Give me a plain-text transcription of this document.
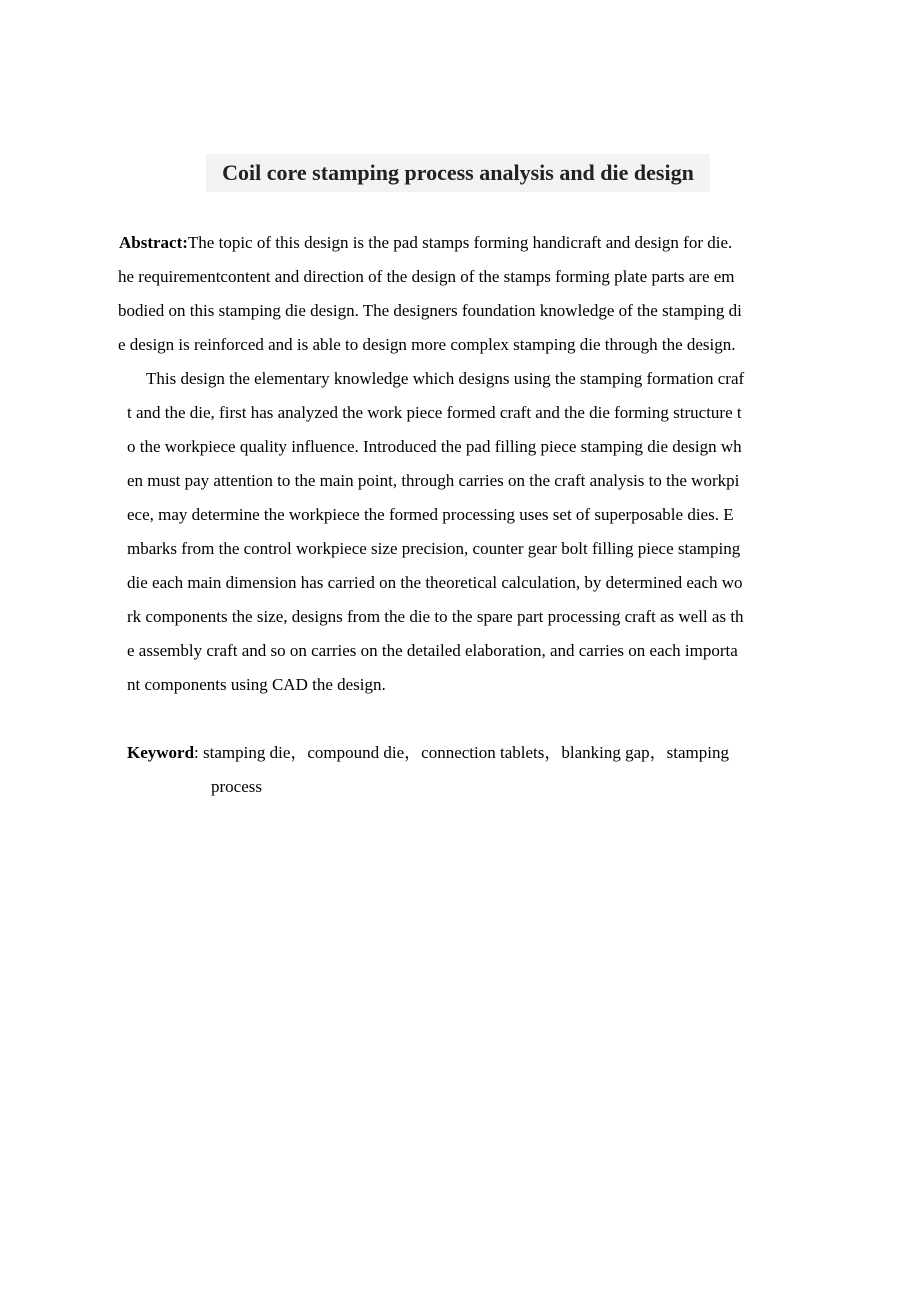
Coil core stamping process analysis and die design
Abstract:The topic of this design is the pad stamps forming handicraft and design for die.
he requirementcontent and direction of the design of the stamps forming plate parts are em
bodied on this stamping die design. The designers foundation knowledge of the stamping di
e design is reinforced and is able to design more complex stamping die through the design.
This design the elementary knowledge which designs using the stamping formation craf
t and the die, first has analyzed the work piece formed craft and the die forming structure t
o the workpiece quality influence. Introduced the pad filling piece stamping die design wh
en must pay attention to the main point, through carries on the craft analysis to the workpi
ece, may determine the workpiece the formed processing uses set of superposable dies. E
mbarks from the control workpiece size precision, counter gear bolt filling piece stamping
die each main dimension has carried on the theoretical calculation, by determined each wo
rk components the size, designs from the die to the spare part processing craft as well as th
e assembly craft and so on carries on the detailed elaboration, and carries on each importa
nt components using CAD the design.
Keyword: stamping die，compound die，connection tablets，blanking gap，stamping
process
